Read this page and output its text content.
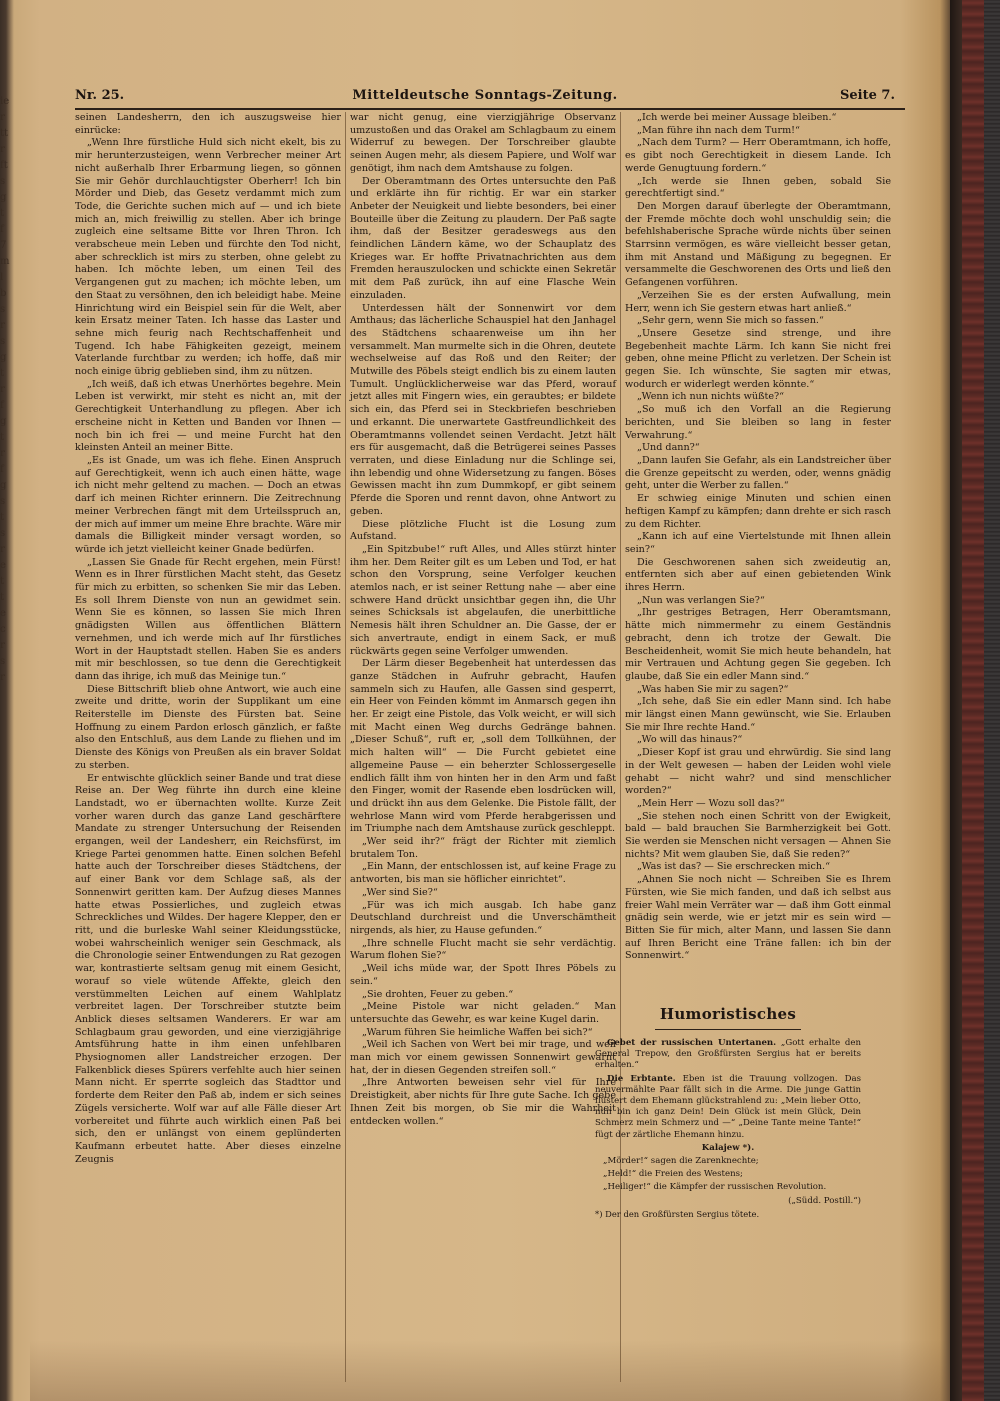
ie
r
tt
r
ft
s
g
t
f
7
m
l
b
s
r
s
g
t
r
f
g
t
r
f
g
s
t
s
r
e
t
t
e
c
r
s
r
Nr. 25.	Mitteldeutsche Sonntags-Zeitung.	Seite 7.

seinen Landesherrn, den ich auszugsweise hier einrücke:

„Wenn Ihre fürstliche Huld sich nicht ekelt, bis zu mir herunterzusteigen, wenn Verbrecher meiner Art nicht außerhalb Ihrer Erbarmung liegen, so gönnen Sie mir Gehör durchlauchtigster Oberherr! Ich bin Mörder und Dieb, das Gesetz verdammt mich zum Tode, die Gerichte suchen mich auf — und ich biete mich an, mich freiwillig zu stellen. Aber ich bringe zugleich eine seltsame Bitte vor Ihren Thron. Ich verabscheue mein Leben und fürchte den Tod nicht, aber schrecklich ist mirs zu sterben, ohne gelebt zu haben. Ich möchte leben, um einen Teil des Vergangenen gut zu machen; ich möchte leben, um den Staat zu versöhnen, den ich beleidigt habe. Meine Hinrichtung wird ein Beispiel sein für die Welt, aber kein Ersatz meiner Taten. Ich hasse das Laster und sehne mich feurig nach Rechtschaffenheit und Tugend. Ich habe Fähigkeiten gezeigt, meinem Vaterlande furchtbar zu werden; ich hoffe, daß mir noch einige übrig geblieben sind, ihm zu nützen.

„Ich weiß, daß ich etwas Unerhörtes begehre. Mein Leben ist verwirkt, mir steht es nicht an, mit der Gerechtigkeit Unterhandlung zu pflegen. Aber ich erscheine nicht in Ketten und Banden vor Ihnen — noch bin ich frei — und meine Furcht hat den kleinsten Anteil an meiner Bitte.

„Es ist Gnade, um was ich flehe. Einen Anspruch auf Gerechtigkeit, wenn ich auch einen hätte, wage ich nicht mehr geltend zu machen. — Doch an etwas darf ich meinen Richter erinnern. Die Zeitrechnung meiner Verbrechen fängt mit dem Urteilsspruch an, der mich auf immer um meine Ehre brachte. Wäre mir damals die Billigkeit minder versagt worden, so würde ich jetzt vielleicht keiner Gnade bedürfen.

„Lassen Sie Gnade für Recht ergehen, mein Fürst! Wenn es in Ihrer fürstlichen Macht steht, das Gesetz für mich zu erbitten, so schenken Sie mir das Leben. Es soll Ihrem Dienste von nun an gewidmet sein. Wenn Sie es können, so lassen Sie mich Ihren gnädigsten Willen aus öffentlichen Blättern vernehmen, und ich werde mich auf Ihr fürstliches Wort in der Hauptstadt stellen. Haben Sie es anders mit mir beschlossen, so tue denn die Gerechtigkeit dann das ihrige, ich muß das Meinige tun.“

Diese Bittschrift blieb ohne Antwort, wie auch eine zweite und dritte, worin der Supplikant um eine Reiterstelle im Dienste des Fürsten bat. Seine Hoffnung zu einem Pardon erlosch gänzlich, er faßte also den Entschluß, aus dem Lande zu fliehen und im Dienste des Königs von Preußen als ein braver Soldat zu sterben.

Er entwischte glücklich seiner Bande und trat diese Reise an. Der Weg führte ihn durch eine kleine Landstadt, wo er übernachten wollte. Kurze Zeit vorher waren durch das ganze Land geschärftere Mandate zu strenger Untersuchung der Reisenden ergangen, weil der Landesherr, ein Reichsfürst, im Kriege Partei genommen hatte. Einen solchen Befehl hatte auch der Torschreiber dieses Städtchens, der auf einer Bank vor dem Schlage saß, als der Sonnenwirt geritten kam. Der Aufzug dieses Mannes hatte etwas Possierliches, und zugleich etwas Schreckliches und Wildes. Der hagere Klepper, den er ritt, und die burleske Wahl seiner Kleidungsstücke, wobei wahrscheinlich weniger sein Geschmack, als die Chronologie seiner Entwendungen zu Rat gezogen war, kontrastierte seltsam genug mit einem Gesicht, worauf so viele wütende Affekte, gleich den verstümmelten Leichen auf einem Wahlplatz verbreitet lagen. Der Torschreiber stutzte beim Anblick dieses seltsamen Wanderers. Er war am Schlagbaum grau geworden, und eine vierzigjährige Amtsführung hatte in ihm einen unfehlbaren Physiognomen aller Landstreicher erzogen. Der Falkenblick dieses Spürers verfehlte auch hier seinen Mann nicht. Er sperrte sogleich das Stadttor und forderte dem Reiter den Paß ab, indem er sich seines Zügels versicherte. Wolf war auf alle Fälle dieser Art vorbereitet und führte auch wirklich einen Paß bei sich, den er unlängst von einem geplünderten Kaufmann erbeutet hatte. Aber dieses einzelne Zeugnis

war nicht genug, eine vierzigjährige Observanz umzustoßen und das Orakel am Schlagbaum zu einem Widerruf zu bewegen. Der Torschreiber glaubte seinen Augen mehr, als diesem Papiere, und Wolf war genötigt, ihm nach dem Amtshause zu folgen.

Der Oberamtmann des Ortes untersuchte den Paß und erklärte ihn für richtig. Er war ein starker Anbeter der Neuigkeit und liebte besonders, bei einer Bouteille über die Zeitung zu plaudern. Der Paß sagte ihm, daß der Besitzer geradeswegs aus den feindlichen Ländern käme, wo der Schauplatz des Krieges war. Er hoffte Privatnachrichten aus dem Fremden herauszulocken und schickte einen Sekretär mit dem Paß zurück, ihn auf eine Flasche Wein einzuladen.

Unterdessen hält der Sonnenwirt vor dem Amthaus; das lächerliche Schauspiel hat den Janhagel des Städtchens schaarenweise um ihn her versammelt. Man murmelte sich in die Ohren, deutete wechselweise auf das Roß und den Reiter; der Mutwille des Pöbels steigt endlich bis zu einem lauten Tumult. Unglücklicherweise war das Pferd, worauf jetzt alles mit Fingern wies, ein geraubtes; er bildete sich ein, das Pferd sei in Steckbriefen beschrieben und erkannt. Die unerwartete Gastfreundlichkeit des Oberamtmanns vollendet seinen Verdacht. Jetzt hält ers für ausgemacht, daß die Betrügerei seines Passes verraten, und diese Einladung nur die Schlinge sei, ihn lebendig und ohne Widersetzung zu fangen. Böses Gewissen macht ihn zum Dummkopf, er gibt seinem Pferde die Sporen und rennt davon, ohne Antwort zu geben.

Diese plötzliche Flucht ist die Losung zum Aufstand.

„Ein Spitzbube!“ ruft Alles, und Alles stürzt hinter ihm her. Dem Reiter gilt es um Leben und Tod, er hat schon den Vorsprung, seine Verfolger keuchen atemlos nach, er ist seiner Rettung nahe — aber eine schwere Hand drückt unsichtbar gegen ihn, die Uhr seines Schicksals ist abgelaufen, die unerbittliche Nemesis hält ihren Schuldner an. Die Gasse, der er sich anvertraute, endigt in einem Sack, er muß rückwärts gegen seine Verfolger umwenden.

Der Lärm dieser Begebenheit hat unterdessen das ganze Städchen in Aufruhr gebracht, Haufen sammeln sich zu Haufen, alle Gassen sind gesperrt, ein Heer von Feinden kömmt im Anmarsch gegen ihn her. Er zeigt eine Pistole, das Volk weicht, er will sich mit Macht einen Weg durchs Gedränge bahnen. „Dieser Schuß“, ruft er, „soll dem Tollkühnen, der mich halten will“ — Die Furcht gebietet eine allgemeine Pause — ein beherzter Schlossergeselle endlich fällt ihm von hinten her in den Arm und faßt den Finger, womit der Rasende eben losdrücken will, und drückt ihn aus dem Gelenke. Die Pistole fällt, der wehrlose Mann wird vom Pferde herabgerissen und im Triumphe nach dem Amtshause zurück geschleppt.

„Wer seid ihr?“ frägt der Richter mit ziemlich brutalem Ton.

„Ein Mann, der entschlossen ist, auf keine Frage zu antworten, bis man sie höflicher einrichtet“.

„Wer sind Sie?“

„Für was ich mich ausgab. Ich habe ganz Deutschland durchreist und die Unverschämtheit nirgends, als hier, zu Hause gefunden.“

„Ihre schnelle Flucht macht sie sehr verdächtig. Warum flohen Sie?“

„Weil ichs müde war, der Spott Ihres Pöbels zu sein.“

„Sie drohten, Feuer zu geben.“

„Meine Pistole war nicht geladen.“ Man untersuchte das Gewehr, es war keine Kugel darin.

„Warum führen Sie heimliche Waffen bei sich?“

„Weil ich Sachen von Wert bei mir trage, und weil man mich vor einem gewissen Sonnenwirt gewarnt hat, der in diesen Gegenden streifen soll.“

„Ihre Antworten beweisen sehr viel für Ihre Dreistigkeit, aber nichts für Ihre gute Sache. Ich gebe Ihnen Zeit bis morgen, ob Sie mir die Wahrheit entdecken wollen.“

„Ich werde bei meiner Aussage bleiben.“

„Man führe ihn nach dem Turm!“

„Nach dem Turm? — Herr Oberamtmann, ich hoffe, es gibt noch Gerechtigkeit in diesem Lande. Ich werde Genugtuung fordern.“

„Ich werde sie Ihnen geben, sobald Sie gerechtfertigt sind.“

Den Morgen darauf überlegte der Oberamtmann, der Fremde möchte doch wohl unschuldig sein; die befehlshaberische Sprache würde nichts über seinen Starrsinn vermögen, es wäre vielleicht besser getan, ihm mit Anstand und Mäßigung zu begegnen. Er versammelte die Geschworenen des Orts und ließ den Gefangenen vorführen.

„Verzeihen Sie es der ersten Aufwallung, mein Herr, wenn ich Sie gestern etwas hart anließ.“

„Sehr gern, wenn Sie mich so fassen.“

„Unsere Gesetze sind strenge, und ihre Begebenheit machte Lärm. Ich kann Sie nicht frei geben, ohne meine Pflicht zu verletzen. Der Schein ist gegen Sie. Ich wünschte, Sie sagten mir etwas, wodurch er widerlegt werden könnte.“

„Wenn ich nun nichts wüßte?“

„So muß ich den Vorfall an die Regierung berichten, und Sie bleiben so lang in fester Verwahrung.“

„Und dann?“

„Dann laufen Sie Gefahr, als ein Landstreicher über die Grenze gepeitscht zu werden, oder, wenns gnädig geht, unter die Werber zu fallen.“

Er schwieg einige Minuten und schien einen heftigen Kampf zu kämpfen; dann drehte er sich rasch zu dem Richter.

„Kann ich auf eine Viertelstunde mit Ihnen allein sein?“

Die Geschworenen sahen sich zweideutig an, entfernten sich aber auf einen gebietenden Wink ihres Herrn.

„Nun was verlangen Sie?“

„Ihr gestriges Betragen, Herr Oberamtsmann, hätte mich nimmermehr zu einem Geständnis gebracht, denn ich trotze der Gewalt. Die Bescheidenheit, womit Sie mich heute behandeln, hat mir Vertrauen und Achtung gegen Sie gegeben. Ich glaube, daß Sie ein edler Mann sind.“

„Was haben Sie mir zu sagen?“

„Ich sehe, daß Sie ein edler Mann sind. Ich habe mir längst einen Mann gewünscht, wie Sie. Erlauben Sie mir Ihre rechte Hand.“

„Wo will das hinaus?“

„Dieser Kopf ist grau und ehrwürdig. Sie sind lang in der Welt gewesen — haben der Leiden wohl viele gehabt — nicht wahr? und sind menschlicher worden?“

„Mein Herr — Wozu soll das?“

„Sie stehen noch einen Schritt von der Ewigkeit, bald — bald brauchen Sie Barmherzigkeit bei Gott. Sie werden sie Menschen nicht versagen — Ahnen Sie nichts? Mit wem glauben Sie, daß Sie reden?“

„Was ist das? — Sie erschrecken mich.“

„Ahnen Sie noch nicht — Schreiben Sie es Ihrem Fürsten, wie Sie mich fanden, und daß ich selbst aus freier Wahl mein Verräter war — daß ihm Gott einmal gnädig sein werde, wie er jetzt mir es sein wird — Bitten Sie für mich, alter Mann, und lassen Sie dann auf Ihren Bericht eine Träne fallen: ich bin der Sonnenwirt.“

Humoristisches

Gebet der russischen Untertanen. „Gott erhalte den General Trepow, den Großfürsten Sergius hat er bereits erhalten.“

Die Erbtante. Eben ist die Trauung vollzogen. Das neuvermählte Paar fällt sich in die Arme. Die junge Gattin flüstert dem Ehemann glückstrahlend zu: „Mein lieber Otto, nun bin ich ganz Dein! Dein Glück ist mein Glück, Dein Schmerz mein Schmerz und —“ „Deine Tante meine Tante!“ fügt der zärtliche Ehemann hinzu.

Kalajew *).

„Mörder!“ sagen die Zarenknechte;

„Held!“ die Freien des Westens;

„Heiliger!“ die Kämpfer der russischen Revolution.

(„Südd. Postill.“)

*) Der den Großfürsten Sergius tötete.
